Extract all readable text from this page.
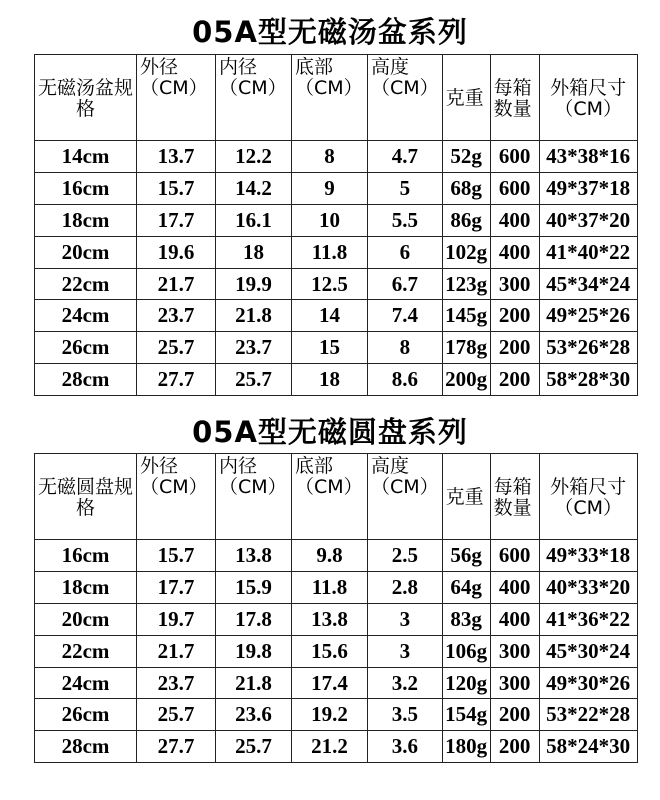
05A型无磁汤盆系列
无磁汤盆规格	外径（CM）	内径（CM）	底部（CM）	高度（CM）	克重	每箱数量	外箱尺寸（CM）
14cm	13.7	12.2	8	4.7	52g	600	43*38*16
16cm	15.7	14.2	9	5	68g	600	49*37*18
18cm	17.7	16.1	10	5.5	86g	400	40*37*20
20cm	19.6	18	11.8	6	102g	400	41*40*22
22cm	21.7	19.9	12.5	6.7	123g	300	45*34*24
24cm	23.7	21.8	14	7.4	145g	200	49*25*26
26cm	25.7	23.7	15	8	178g	200	53*26*28
28cm	27.7	25.7	18	8.6	200g	200	58*28*30
05A型无磁圆盘系列
无磁圆盘规格	外径（CM）	内径（CM）	底部（CM）	高度（CM）	克重	每箱数量	外箱尺寸（CM）
16cm	15.7	13.8	9.8	2.5	56g	600	49*33*18
18cm	17.7	15.9	11.8	2.8	64g	400	40*33*20
20cm	19.7	17.8	13.8	3	83g	400	41*36*22
22cm	21.7	19.8	15.6	3	106g	300	45*30*24
24cm	23.7	21.8	17.4	3.2	120g	300	49*30*26
26cm	25.7	23.6	19.2	3.5	154g	200	53*22*28
28cm	27.7	25.7	21.2	3.6	180g	200	58*24*30
